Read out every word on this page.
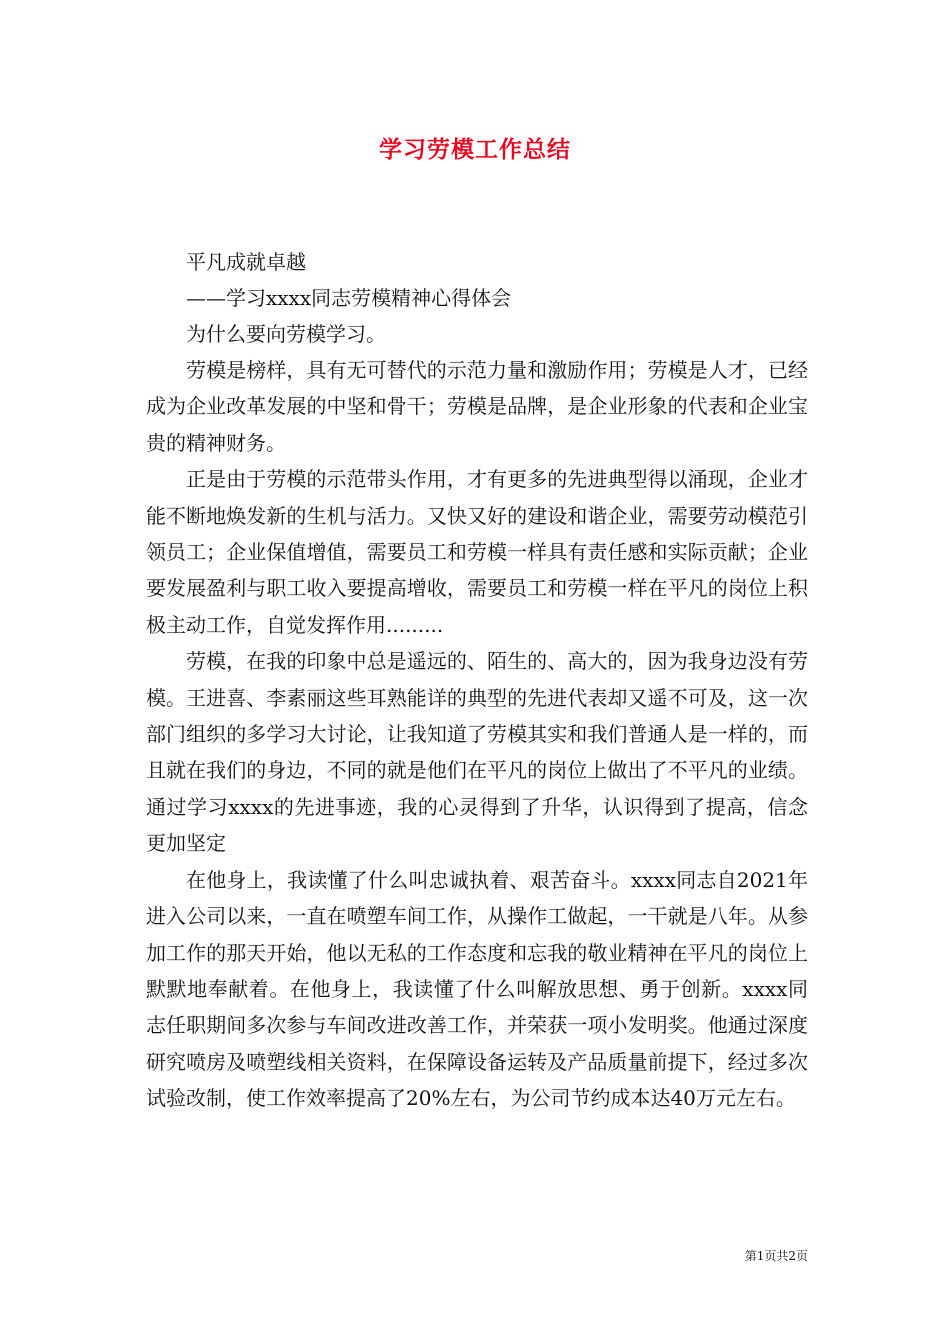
学习劳模工作总结
平凡成就卓越
——学习xxxx同志劳模精神心得体会
为什么要向劳模学习。

劳模是榜样，具有无可替代的示范力量和激励作用；劳模是人才，已经成为企业改革发展的中坚和骨干；劳模是品牌，是企业形象的代表和企业宝贵的精神财务。

正是由于劳模的示范带头作用，才有更多的先进典型得以涌现，企业才能不断地焕发新的生机与活力。又快又好的建设和谐企业，需要劳动模范引领员工；企业保值增值，需要员工和劳模一样具有责任感和实际贡献；企业要发展盈利与职工收入要提高增收，需要员工和劳模一样在平凡的岗位上积极主动工作，自觉发挥作用.........

劳模，在我的印象中总是遥远的、陌生的、高大的，因为我身边没有劳模。王进喜、李素丽这些耳熟能详的典型的先进代表却又遥不可及，这一次部门组织的多学习大讨论，让我知道了劳模其实和我们普通人是一样的，而且就在我们的身边，不同的就是他们在平凡的岗位上做出了不平凡的业绩。通过学习xxxx的先进事迹，我的心灵得到了升华，认识得到了提高，信念更加坚定

在他身上，我读懂了什么叫忠诚执着、艰苦奋斗。xxxx同志自2021年进入公司以来，一直在喷塑车间工作，从操作工做起，一干就是八年。从参加工作的那天开始，他以无私的工作态度和忘我的敬业精神在平凡的岗位上默默地奉献着。在他身上，我读懂了什么叫解放思想、勇于创新。xxxx同志任职期间多次参与车间改进改善工作，并荣获一项小发明奖。他通过深度研究喷房及喷塑线相关资料，在保障设备运转及产品质量前提下，经过多次试验改制，使工作效率提高了20%左右，为公司节约成本达40万元左右。

第1页共2页
